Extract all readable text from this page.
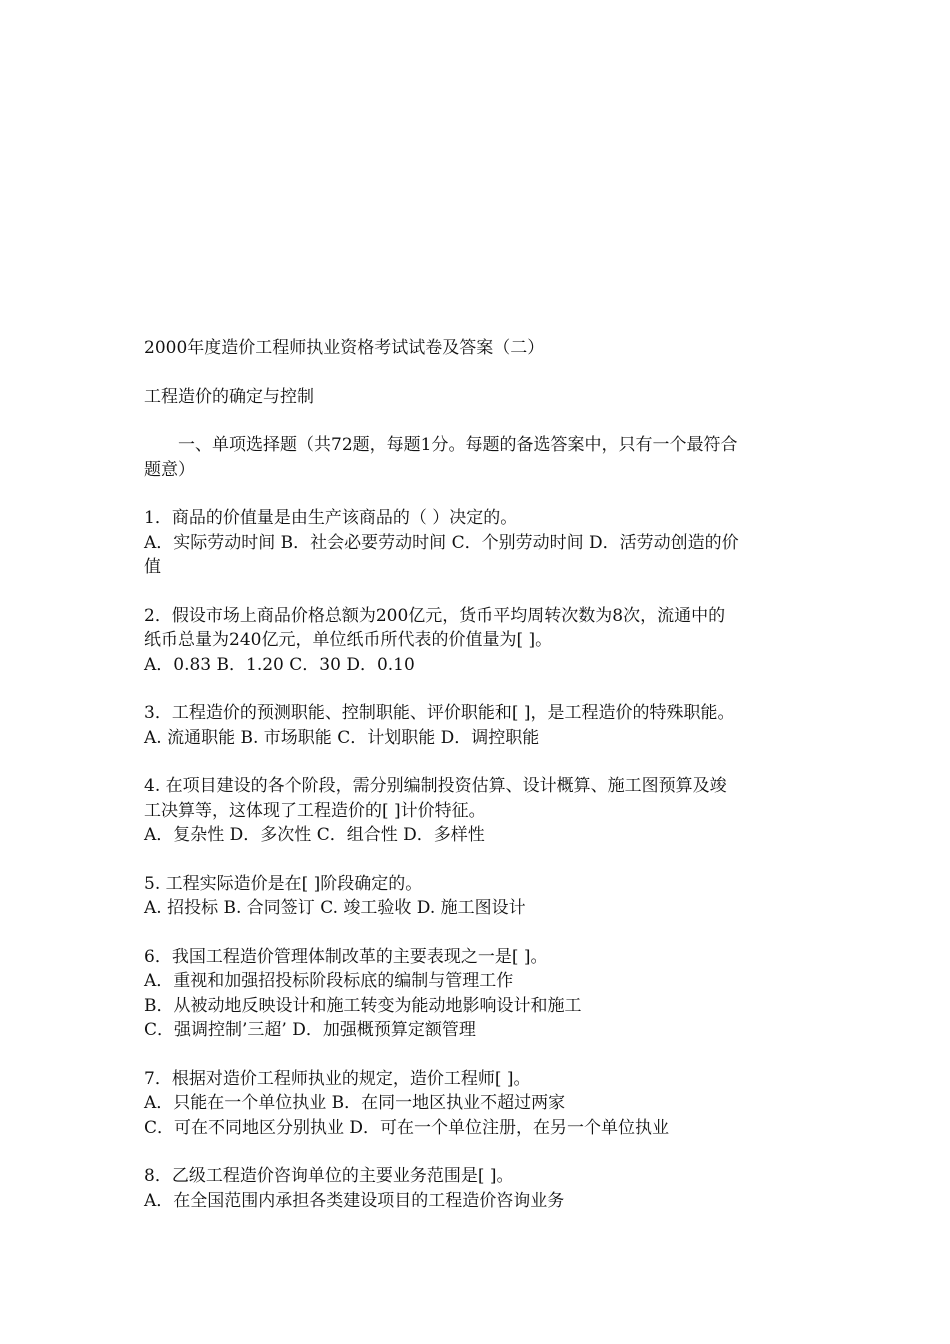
2000年度造价工程师执业资格考试试卷及答案（二）
工程造价的确定与控制
一、单项选择题（共72题，每题1分。每题的备选答案中，只有一个最符合
题意）
1．商品的价值量是由生产该商品的（ ）决定的。
A．实际劳动时间 B．社会必要劳动时间 C．个别劳动时间 D．活劳动创造的价
值
2．假设市场上商品价格总额为200亿元，货币平均周转次数为8次，流通中的
纸币总量为240亿元，单位纸币所代表的价值量为[ ]。
A．0.83 B．1.20 C．30 D．0.10
3．工程造价的预测职能、控制职能、评价职能和[ ]，是工程造价的特殊职能。
A. 流通职能 B. 市场职能 C．计划职能 D．调控职能
4. 在项目建设的各个阶段，需分别编制投资估算、设计概算、施工图预算及竣
工决算等，这体现了工程造价的[ ]计价特征。
A．复杂性 D．多次性 C．组合性 D．多样性
5. 工程实际造价是在[ ]阶段确定的。
A. 招投标 B. 合同签订 C. 竣工验收 D. 施工图设计
6．我国工程造价管理体制改革的主要表现之一是[ ]。
A．重视和加强招投标阶段标底的编制与管理工作
B．从被动地反映设计和施工转变为能动地影响设计和施工
C．强调控制’三超’ D．加强概预算定额管理
7．根据对造价工程师执业的规定，造价工程师[ ]。
A．只能在一个单位执业 B．在同一地区执业不超过两家
C．可在不同地区分别执业 D．可在一个单位注册，在另一个单位执业
8．乙级工程造价咨询单位的主要业务范围是[ ]。
A．在全国范围内承担各类建设项目的工程造价咨询业务
